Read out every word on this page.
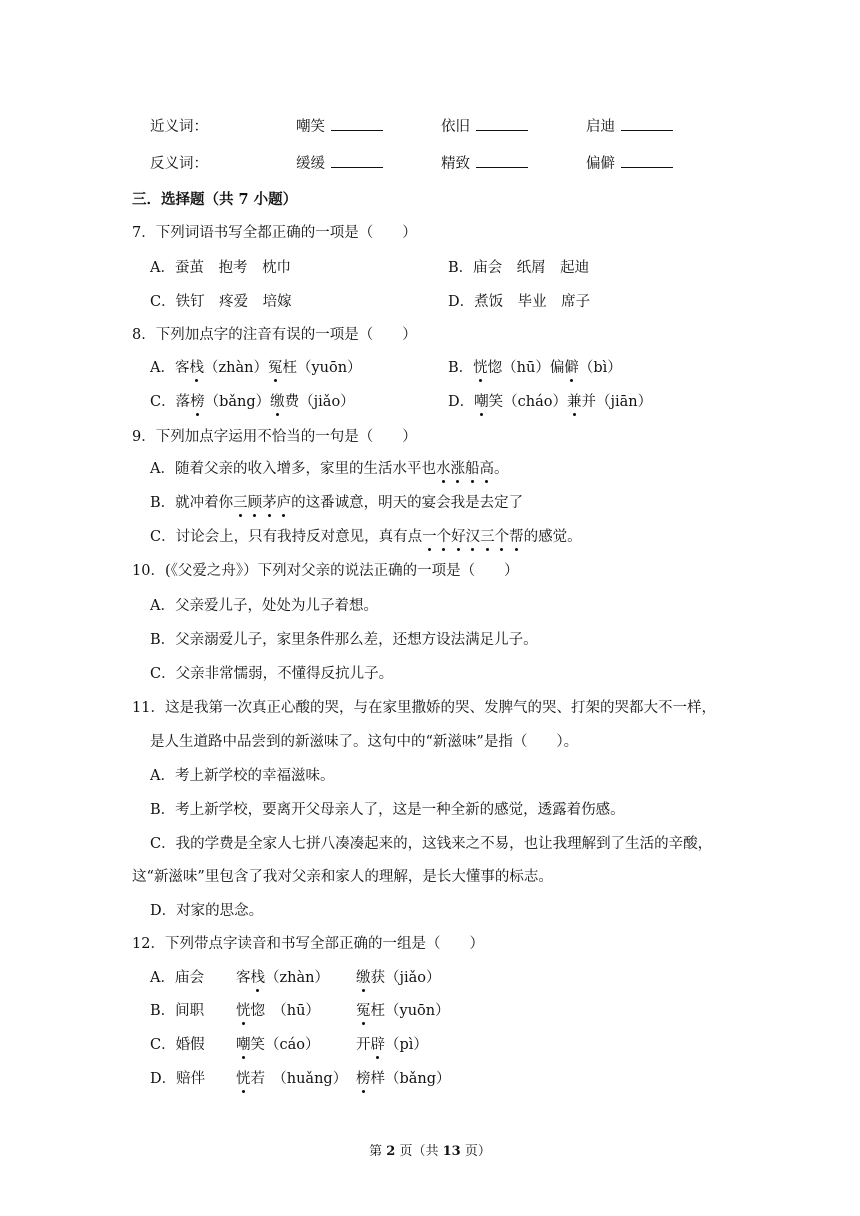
近义词：	嘲笑	依旧	启迪
反义词：	缓缓	精致	偏僻
三．选择题（共 7 小题）
7．下列词语书写全都正确的一项是（　　）
A．蚕茧　抱考　枕巾	B．庙会　纸屑　起迪
C．铁钉　疼爱　培嫁	D．煮饭　毕业　席子
8．下列加点字的注音有误的一项是（　　）
A．客栈（zhàn）冤枉（yuōn）	B．恍惚（hū）偏僻（bì）
C．落榜（bǎng）缴费（jiǎo）	D．嘲笑（cháo）兼并（jiān）
9．下列加点字运用不恰当的一句是（　　）
A．随着父亲的收入增多，家里的生活水平也水涨船高。
B．就冲着你三顾茅庐的这番诚意，明天的宴会我是去定了
C．讨论会上，只有我持反对意见，真有点一个好汉三个帮的感觉。
10．(《父爱之舟》）下列对父亲的说法正确的一项是（　　）
A．父亲爱儿子，处处为儿子着想。
B．父亲溺爱儿子，家里条件那么差，还想方设法满足儿子。
C．父亲非常懦弱，不懂得反抗儿子。
11．这是我第一次真正心酸的哭，与在家里撒娇的哭、发脾气的哭、打架的哭都大不一样，
是人生道路中品尝到的新滋味了。这句中的“新滋味”是指（　　）。
A．考上新学校的幸福滋味。
B．考上新学校，要离开父母亲人了，这是一种全新的感觉，透露着伤感。
C．我的学费是全家人七拼八凑凑起来的，这钱来之不易，也让我理解到了生活的辛酸，
这“新滋味”里包含了我对父亲和家人的理解，是长大懂事的标志。
D．对家的思念。
12．下列带点字读音和书写全部正确的一组是（　　）
A．庙会 客栈（zhàn） 缴获（jiǎo）
B．间职 恍惚　（hū） 冤枉（yuōn）
C．婚假 嘲笑（cáo）	开辟（pì）
D．赔伴 恍若　（huǎng） 榜样（bǎng）
第 2 页（共 13 页）
